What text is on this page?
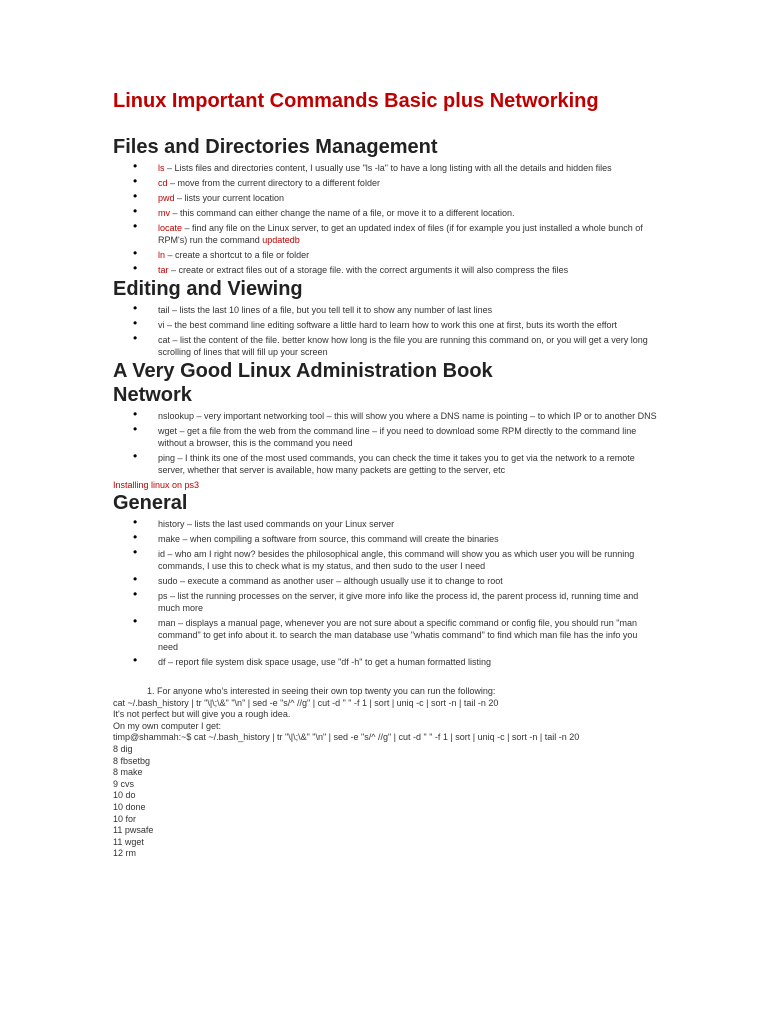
Linux Important Commands Basic plus Networking
Files and Directories Management
• ls – Lists files and directories content, I usually use "ls -la" to have a long listing with all the details and hidden files
• cd – move from the current directory to a different folder
• pwd – lists your current location
• mv – this command can either change the name of a file, or move it to a different location.
• locate – find any file on the Linux server, to get an updated index of files (if for example you just installed a whole bunch of RPM's) run the command updatedb
• ln – create a shortcut to a file or folder
• tar – create or extract files out of a storage file. with the correct arguments it will also compress the files
Editing and Viewing
• tail – lists the last 10 lines of a file, but you tell tell it to show any number of last lines
• vi – the best command line editing software a little hard to learn how to work this one at first, buts its worth the effort
• cat – list the content of the file. better know how long is the file you are running this command on, or you will get a very long scrolling of lines that will fill up your screen
A Very Good Linux Administration Book
Network
• nslookup – very important networking tool – this will show you where a DNS name is pointing – to which IP or to another DNS
• wget – get a file from the web from the command line – if you need to download some RPM directly to the command line without a browser, this is the command you need
• ping – I think its one of the most used commands, you can check the time it takes you to get via the network to a remote server, whether that server is available, how many packets are getting to the server, etc
Installing linux on ps3
General
• history – lists the last used commands on your Linux server
• make – when compiling a software from source, this command will create the binaries
• id – who am I right now? besides the philosophical angle, this command will show you as which user you will be running commands, I use this to check what is my status, and then sudo to the user I need
• sudo – execute a command as another user – although usually use it to change to root
• ps – list the running processes on the server, it give more info like the process id, the parent process id, running time and much more
• man – displays a manual page, whenever you are not sure about a specific command or config file, you should run "man command" to get info about it. to search the man database use "whatis command" to find which man file has the info you need
• df – report file system disk space usage, use "df -h" to get a human formatted listing
1. For anyone who's interested in seeing their own top twenty you can run the following:
cat ~/.bash_history | tr "\|\;\&" "\n" | sed -e "s/^ //g" | cut -d " " -f 1 | sort | uniq -c | sort -n | tail -n 20
It's not perfect but will give you a rough idea.
On my own computer I get:
timp@shammah:~$ cat ~/.bash_history | tr "\|\;\&" "\n" | sed -e "s/^ //g" | cut -d " " -f 1 | sort | uniq -c | sort -n | tail -n 20
8 dig
8 fbsetbg
8 make
9 cvs
10 do
10 done
10 for
11 pwsafe
11 wget
12 rm
